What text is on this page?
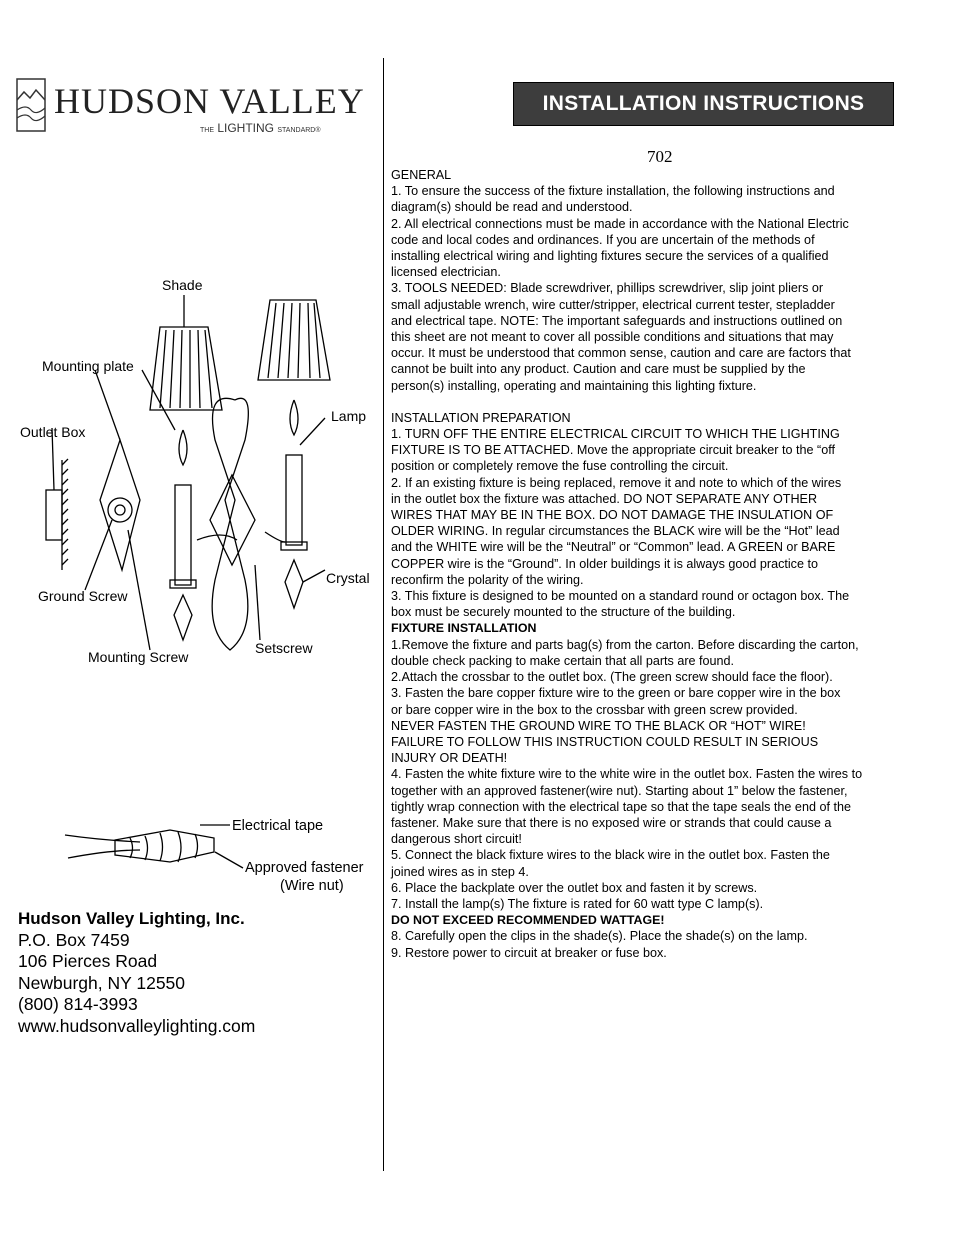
HUDSON VALLEY
THE LIGHTING STANDARD®
INSTALLATION INSTRUCTIONS
702
Shade
Mounting plate
Lamp
Outlet Box
Crystal
Ground Screw
Setscrew
Mounting Screw
Electrical tape
Approved fastener
(Wire nut)
Hudson Valley Lighting, Inc.
P.O. Box 7459
106 Pierces Road
Newburgh, NY 12550
(800) 814-3993
www.hudsonvalleylighting.com

GENERAL

1. To ensure the success of the fixture installation, the following instructions and

diagram(s) should be read and understood.

2. All electrical connections must be made in accordance with the National Electric

code and local codes and ordinances. If you are uncertain of the methods of

installing electrical wiring and lighting fixtures secure the services of a qualified

licensed electrician.

3. TOOLS NEEDED: Blade screwdriver, phillips screwdriver, slip joint pliers or

small adjustable wrench, wire cutter/stripper, electrical current tester, stepladder

and electrical tape. NOTE: The important safeguards and instructions outlined on

this sheet are not meant to cover all possible conditions and situations that may

occur. It must be understood that common sense, caution and care are factors that

cannot be built into any product. Caution and care must be supplied by the

person(s) installing, operating and maintaining this lighting fixture.

INSTALLATION PREPARATION

1. TURN OFF THE ENTIRE ELECTRICAL CIRCUIT TO WHICH THE LIGHTING

FIXTURE IS TO BE ATTACHED. Move the appropriate circuit breaker to the “off

position or completely remove the fuse controlling the circuit.

2. If an existing fixture is being replaced, remove it and note to which of the wires

in the outlet box the fixture was attached. DO NOT SEPARATE ANY OTHER

WIRES THAT MAY BE IN THE BOX. DO NOT DAMAGE THE INSULATION OF

OLDER WIRING. In regular circumstances the BLACK wire will be the “Hot” lead

and the WHITE wire will be the “Neutral” or “Common” lead. A GREEN or BARE

COPPER wire is the “Ground”. In older buildings it is always good practice to

reconfirm the polarity of the wiring.

3. This fixture is designed to be mounted on a standard round or octagon box. The

box must be securely mounted to the structure of the building.

FIXTURE INSTALLATION

1.Remove the fixture and parts bag(s) from the carton. Before discarding the carton,

double check packing to make certain that all parts are found.

2.Attach the crossbar to the outlet box. (The green screw should face the floor).

3. Fasten the bare copper fixture wire to the green or bare copper wire in the box

or bare copper wire in the box to the crossbar with green screw provided.

NEVER FASTEN THE GROUND WIRE TO THE BLACK OR “HOT” WIRE!

FAILURE TO FOLLOW THIS INSTRUCTION COULD RESULT IN SERIOUS

INJURY OR DEATH!

4. Fasten the white fixture wire to the white wire in the outlet box. Fasten the wires to

together with an approved fastener(wire nut). Starting about 1” below the fastener,

tightly wrap connection with the electrical tape so that the tape seals the end of the

fastener. Make sure that there is no exposed wire or strands that could cause a

dangerous short circuit!

5. Connect the black fixture wires to the black wire in the outlet box. Fasten the

joined wires as in step 4.

6. Place the backplate over the outlet box and fasten it by screws.

7. Install the lamp(s) The fixture is rated for 60 watt type C lamp(s).

DO NOT EXCEED RECOMMENDED WATTAGE!

8. Carefully open the clips in the shade(s). Place the shade(s) on the lamp.

9. Restore power to circuit at breaker or fuse box.
